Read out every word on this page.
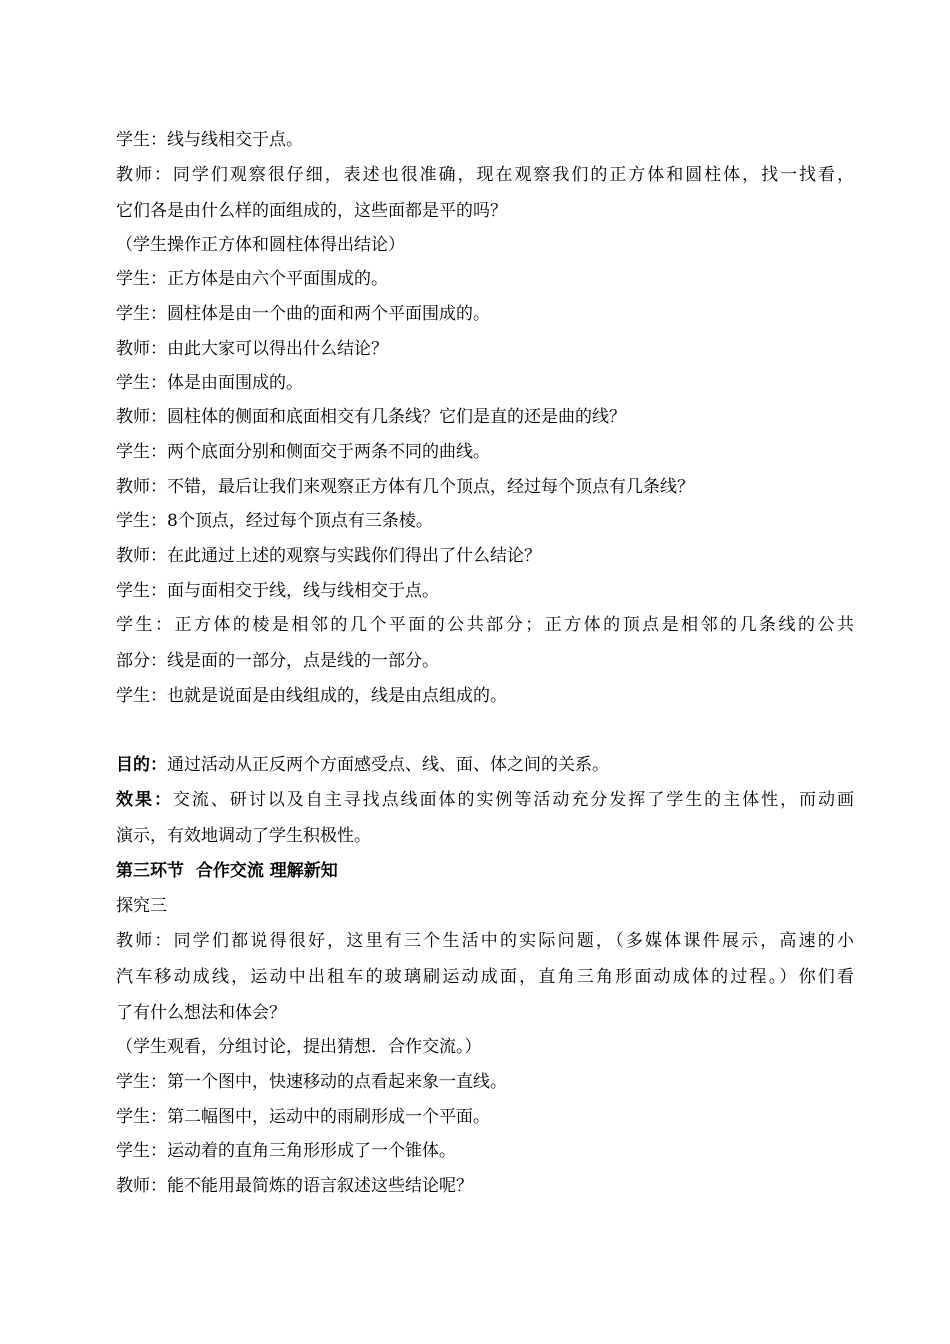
学生：线与线相交于点。
教师：同学们观察很仔细，表述也很准确，现在观察我们的正方体和圆柱体，找一找看，
它们各是由什么样的面组成的，这些面都是平的吗？
（学生操作正方体和圆柱体得出结论）
学生：正方体是由六个平面围成的。
学生：圆柱体是由一个曲的面和两个平面围成的。
教师：由此大家可以得出什么结论？
学生：体是由面围成的。
教师：圆柱体的侧面和底面相交有几条线？它们是直的还是曲的线？
学生：两个底面分别和侧面交于两条不同的曲线。
教师：不错，最后让我们来观察正方体有几个顶点，经过每个顶点有几条线？
学生：8个顶点，经过每个顶点有三条棱。
教师：在此通过上述的观察与实践你们得出了什么结论？
学生：面与面相交于线，线与线相交于点。
学生：正方体的棱是相邻的几个平面的公共部分；正方体的顶点是相邻的几条线的公共
部分：线是面的一部分，点是线的一部分。
学生：也就是说面是由线组成的，线是由点组成的。
目的：通过活动从正反两个方面感受点、线、面、体之间的关系。
效果：交流、研讨以及自主寻找点线面体的实例等活动充分发挥了学生的主体性，而动画
演示，有效地调动了学生积极性。
第三环节  合作交流 理解新知
探究三
教师：同学们都说得很好，这里有三个生活中的实际问题，（多媒体课件展示，高速的小
汽车移动成线，运动中出租车的玻璃刷运动成面，直角三角形面动成体的过程。）你们看
了有什么想法和体会？
（学生观看，分组讨论，提出猜想．合作交流。）
学生：第一个图中，快速移动的点看起来象一直线。
学生：第二幅图中，运动中的雨刷形成一个平面。
学生：运动着的直角三角形形成了一个锥体。
教师：能不能用最简炼的语言叙述这些结论呢？
